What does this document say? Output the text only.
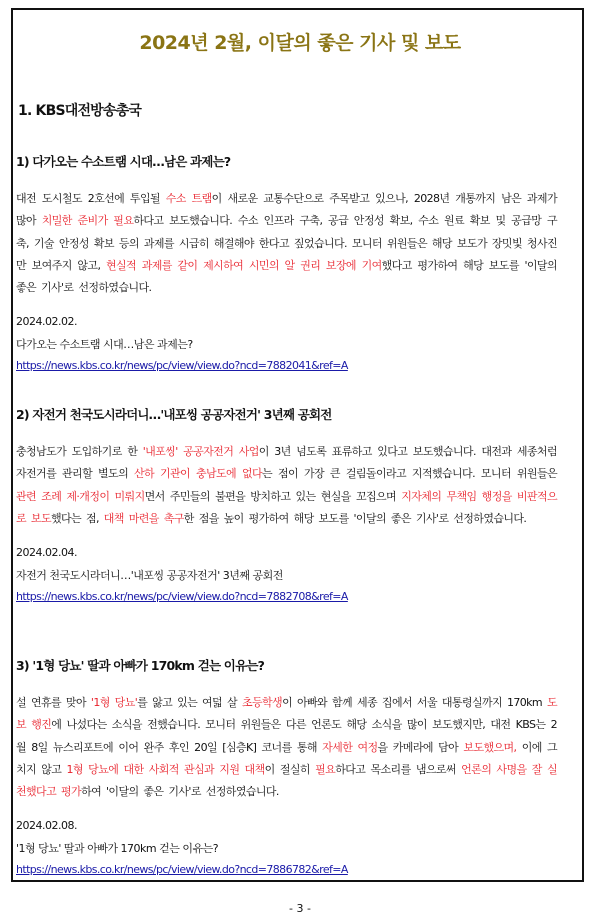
2024년 2월, 이달의 좋은 기사 및 보도
1. KBS대전방송총국
1) 다가오는 수소트램 시대…남은 과제는?
대전 도시철도 2호선에 투입될 수소 트램이 새로운 교통수단으로 주목받고 있으나, 2028년 개통까지 남은 과제가 많아 치밀한 준비가 필요하다고 보도했습니다. 수소 인프라 구축, 공급 안정성 확보, 수소 원료 확보 및 공급망 구축, 기술 안정성 확보 등의 과제를 시급히 해결해야 한다고 짚었습니다. 모니터 위원들은 해당 보도가 장밋빛 청사진만 보여주지 않고, 현실적 과제를 같이 제시하여 시민의 알 권리 보장에 기여했다고 평가하여 해당 보도를 '이달의 좋은 기사'로 선정하였습니다.
2024.02.02.
다가오는 수소트램 시대…남은 과제는?
https://news.kbs.co.kr/news/pc/view/view.do?ncd=7882041&ref=A
2) 자전거 천국도시라더니…'내포씽 공공자전거' 3년째 공회전
충청남도가 도입하기로 한 '내포씽' 공공자전거 사업이 3년 넘도록 표류하고 있다고 보도했습니다. 대전과 세종처럼 자전거를 관리할 별도의 산하 기관이 충남도에 없다는 점이 가장 큰 걸림돌이라고 지적했습니다. 모니터 위원들은 관련 조례 제·개정이 미뤄지면서 주민들의 불편을 방치하고 있는 현실을 꼬집으며 지자체의 무책임 행정을 비판적으로 보도했다는 점, 대책 마련을 촉구한 점을 높이 평가하여 해당 보도를 '이달의 좋은 기사'로 선정하였습니다.
2024.02.04.
자전거 천국도시라더니…'내포씽 공공자전거' 3년째 공회전
https://news.kbs.co.kr/news/pc/view/view.do?ncd=7882708&ref=A
3) '1형 당뇨' 딸과 아빠가 170km 걷는 이유는?
설 연휴를 맞아 '1형 당뇨'를 앓고 있는 여덟 살 초등학생이 아빠와 함께 세종 집에서 서울 대통령실까지 170km 도보 행진에 나섰다는 소식을 전했습니다. 모니터 위원들은 다른 언론도 해당 소식을 많이 보도했지만, 대전 KBS는 2월 8일 뉴스리포트에 이어 완주 후인 20일 [심층K] 코너를 통해 자세한 여정을 카메라에 담아 보도했으며, 이에 그치지 않고 1형 당뇨에 대한 사회적 관심과 지원 대책이 절실히 필요하다고 목소리를 냄으로써 언론의 사명을 잘 실천했다고 평가하여 '이달의 좋은 기사'로 선정하였습니다.
2024.02.08.
'1형 당뇨' 딸과 아빠가 170km 걷는 이유는?
https://news.kbs.co.kr/news/pc/view/view.do?ncd=7886782&ref=A
- 3 -
